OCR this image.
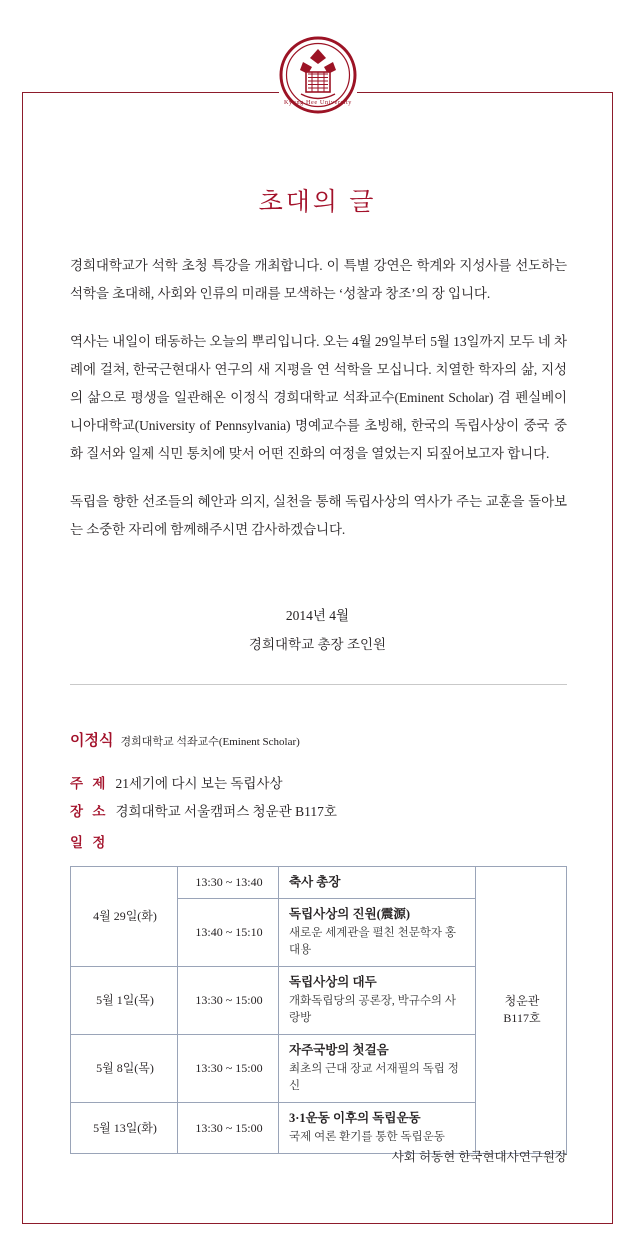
Kyung Hee University
초대의 글

경희대학교가 석학 초청 특강을 개최합니다. 이 특별 강연은 학계와 지성사를 선도하는 석학을 초대해, 사회와 인류의 미래를 모색하는 ‘성찰과 창조’의 장 입니다.

역사는 내일이 태동하는 오늘의 뿌리입니다. 오는 4월 29일부터 5월 13일까지 모두 네 차례에 걸쳐, 한국근현대사 연구의 새 지평을 연 석학을 모십니다. 치열한 학자의 삶, 지성의 삶으로 평생을 일관해온 이정식 경희대학교 석좌교수(Eminent Scholar) 겸 펜실베이니아대학교(University of Pennsylvania) 명예교수를 초빙해, 한국의 독립사상이 중국 중화 질서와 일제 식민 통치에 맞서 어떤 진화의 여정을 열었는지 되짚어보고자 합니다.

독립을 향한 선조들의 혜안과 의지, 실천을 통해 독립사상의 역사가 주는 교훈을 돌아보는 소중한 자리에 함께해주시면 감사하겠습니다.

2014년 4월
경희대학교 총장 조인원
이정식 경희대학교 석좌교수(Eminent Scholar)
주 제 21세기에 다시 보는 독립사상
장 소 경희대학교 서울캠퍼스 청운관 B117호
일 정
4월 29일(화)	13:30 ~ 13:40	축사 총장	청운관
B117호
	13:40 ~ 15:10	독립사상의 진원(震源)
새로운 세계관을 펼친 천문학자 홍대용	

5월 1일(목)	13:30 ~ 15:00	독립사상의 대두
개화독립당의 공론장, 박규수의 사랑방	

5월 8일(목)	13:30 ~ 15:00	자주국방의 첫걸음
최초의 근대 장교 서재필의 독립 정신	

5월 13일(화)	13:30 ~ 15:00	3·1운동 이후의 독립운동
국제 여론 환기를 통한 독립운동	
사회 허동현 한국현대사연구원장
